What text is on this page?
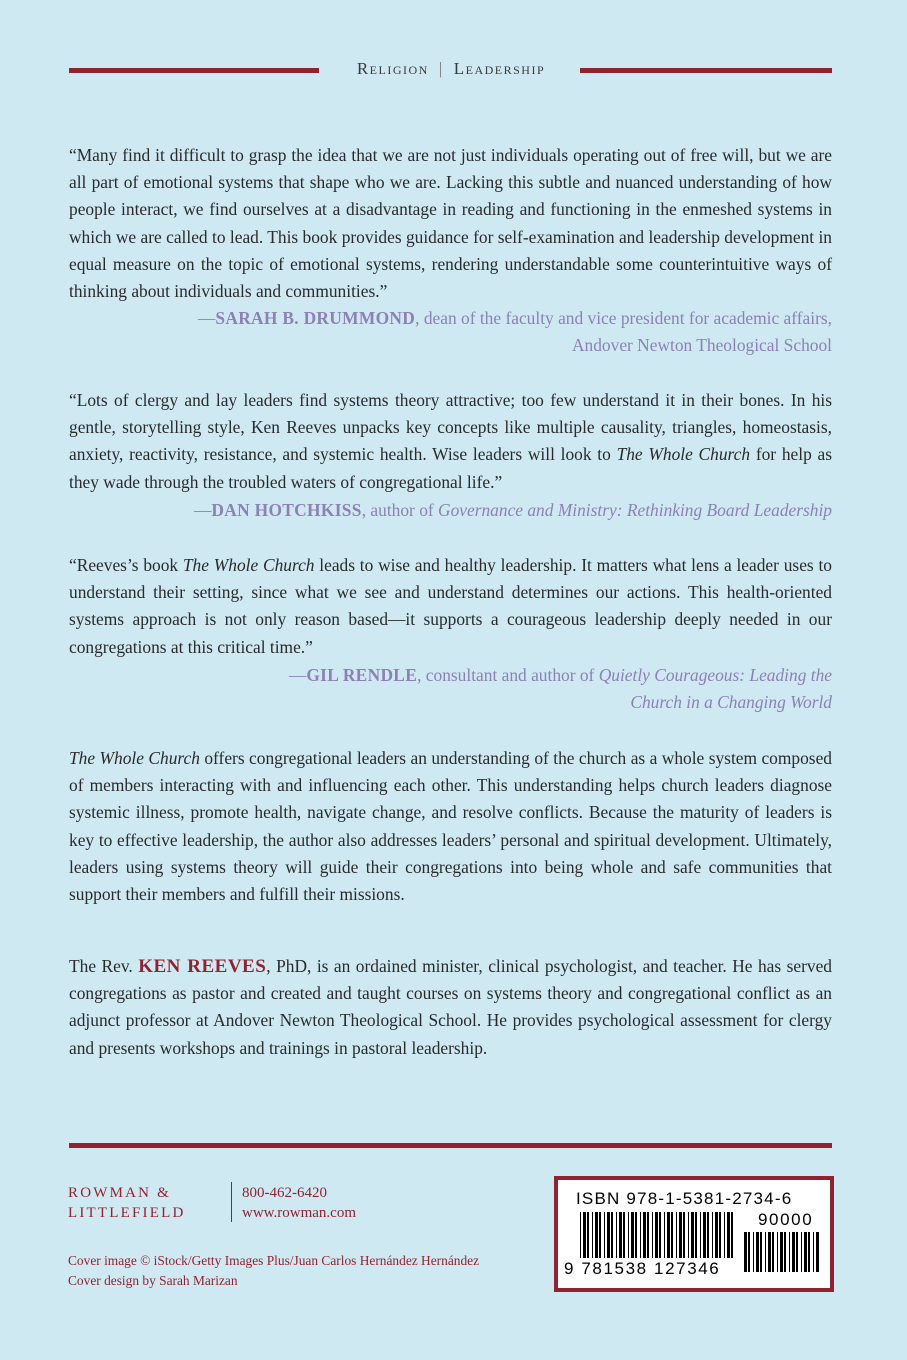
Religion | Leadership
“Many find it difficult to grasp the idea that we are not just individuals operating out of free will, but we are all part of emotional systems that shape who we are. Lacking this subtle and nuanced understanding of how people interact, we find ourselves at a disadvantage in reading and functioning in the enmeshed systems in which we are called to lead. This book provides guidance for self-examination and leadership development in equal measure on the topic of emotional systems, rendering understandable some counterintuitive ways of thinking about individuals and communities.”
—SARAH B. DRUMMOND, dean of the faculty and vice president for academic affairs,
Andover Newton Theological School
“Lots of clergy and lay leaders find systems theory attractive; too few understand it in their bones. In his gentle, storytelling style, Ken Reeves unpacks key concepts like multiple causality, triangles, homeostasis, anxiety, reactivity, resistance, and systemic health. Wise leaders will look to The Whole Church for help as they wade through the troubled waters of congregational life.”
—DAN HOTCHKISS, author of Governance and Ministry: Rethinking Board Leadership
“Reeves’s book The Whole Church leads to wise and healthy leadership. It matters what lens a leader uses to understand their setting, since what we see and understand determines our actions. This health-oriented systems approach is not only reason based—it supports a courageous leadership deeply needed in our congregations at this critical time.”
—GIL RENDLE, consultant and author of Quietly Courageous: Leading the
Church in a Changing World
The Whole Church offers congregational leaders an understanding of the church as a whole system composed of members interacting with and influencing each other. This understanding helps church leaders diagnose systemic illness, promote health, navigate change, and resolve conflicts. Because the maturity of leaders is key to effective leadership, the author also addresses leaders’ personal and spiritual development. Ultimately, leaders using systems theory will guide their congregations into being whole and safe communities that support their members and fulfill their missions.
The Rev. KEN REEVES, PhD, is an ordained minister, clinical psychologist, and teacher. He has served congregations as pastor and created and taught courses on systems theory and congregational conflict as an adjunct professor at Andover Newton Theological School. He provides psychological assessment for clergy and presents workshops and trainings in pastoral leadership.
ROWMAN &
LITTLEFIELD
800-462-6420
www.rowman.com
Cover image © iStock/Getty Images Plus/Juan Carlos Hernández Hernández
Cover design by Sarah Marizan
ISBN 978-1-5381-2734-6
90000
9 781538 127346
